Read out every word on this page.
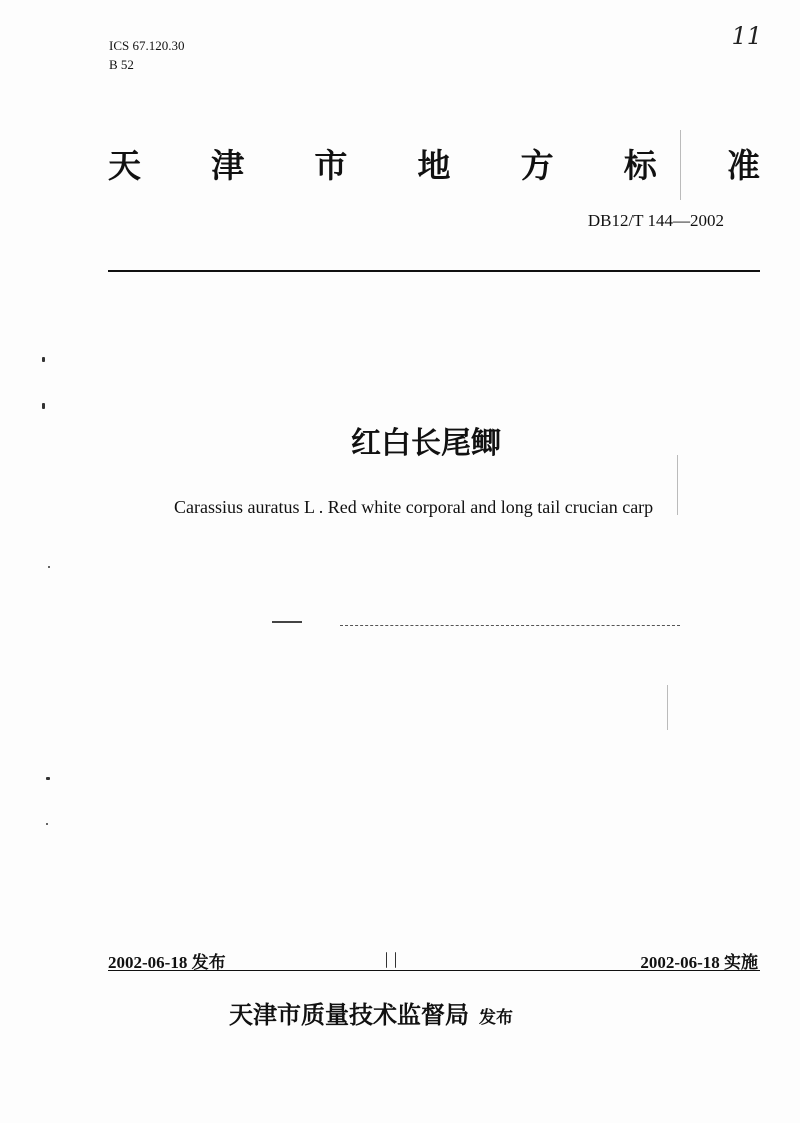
ICS 67.120.30
B 52
11
天 津 市 地 方 标 准
DB12/T 144—2002
红白长尾鲫
Carassius auratus L . Red white corporal and long tail crucian carp
2002-06-18 发布	2002-06-18 实施
天津市质量技术监督局 发布
